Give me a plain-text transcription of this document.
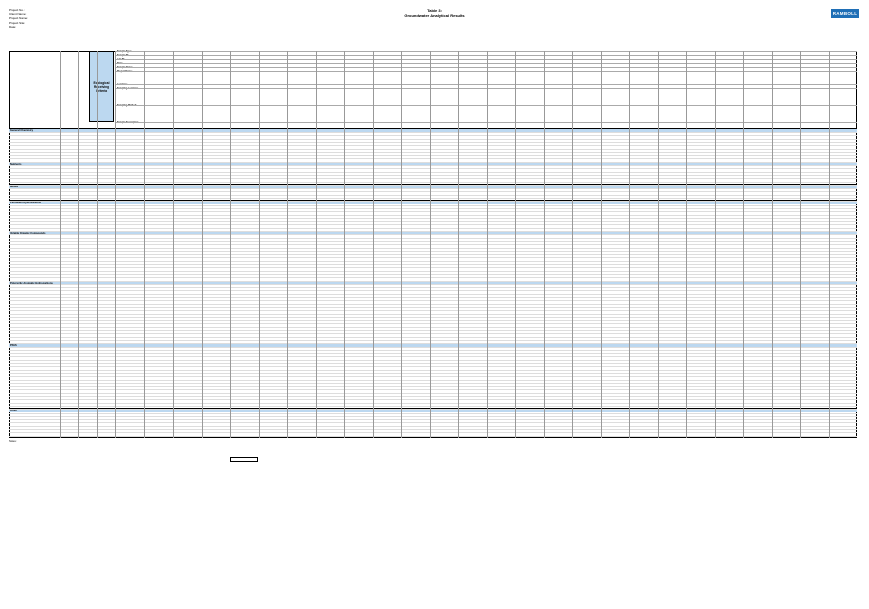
Project No.:
Client Name:
Project Name:
Project Site:
Date:
Table 3:
Groundwater Analytical Results	RAMBOLL
Ecological Receiving Criteria
Sample Type:
Sample ID:
Lab ID:
Date:
Sample Name:
Project Name:
Location:
Sampling Location:
Sampling Method:
Sample Description
General Chemistry
Nutrients
Metals
Petroleum Hydrocarbons
Volatile Organic Compounds
Polycyclic Aromatic Hydrocarbons
PFAS
Other
Notes:
